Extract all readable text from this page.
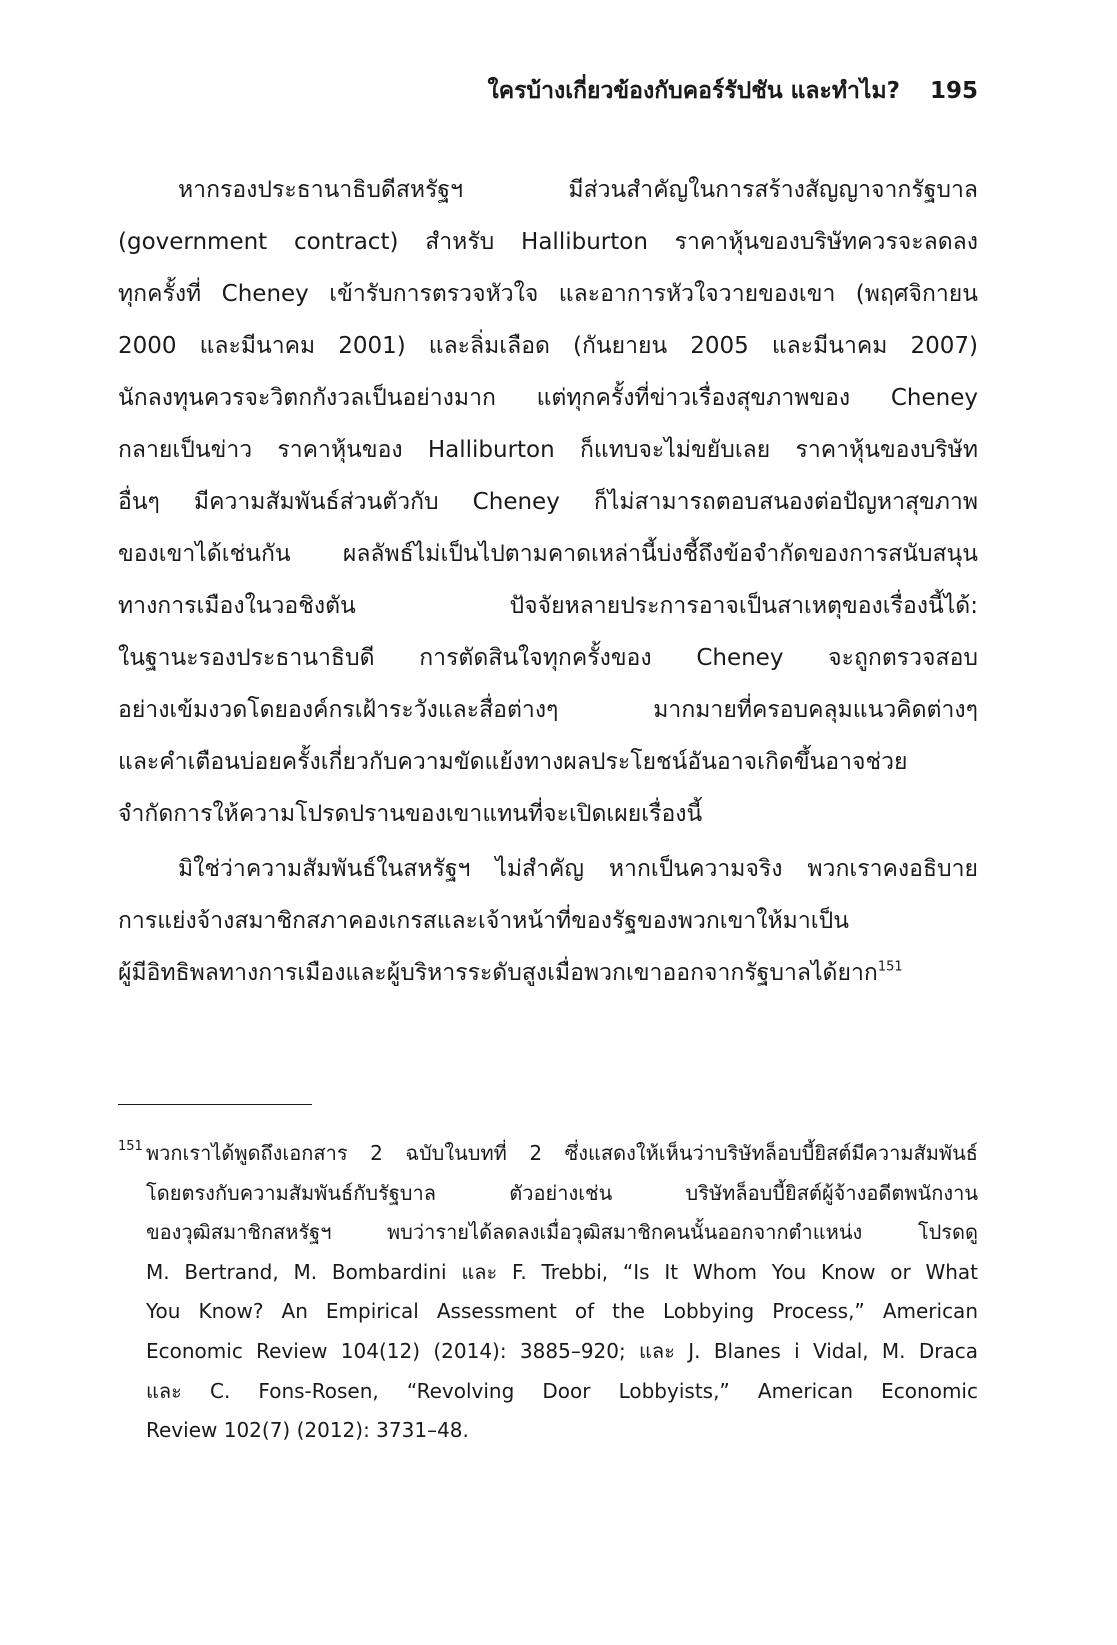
ใครบ้างเกี่ยวข้องกับคอร์รัปชัน และทำไม? 195
หากรองประธานาธิบดีสหรัฐฯ มีส่วนสำคัญในการสร้างสัญญาจากรัฐบาล
(government contract) สำหรับ Halliburton ราคาหุ้นของบริษัทควรจะลดลง
ทุกครั้งที่ Cheney เข้ารับการตรวจหัวใจ และอาการหัวใจวายของเขา (พฤศจิกายน
2000 และมีนาคม 2001) และลิ่มเลือด (กันยายน 2005 และมีนาคม 2007)
นักลงทุนควรจะวิตกกังวลเป็นอย่างมาก แต่ทุกครั้งที่ข่าวเรื่องสุขภาพของ Cheney
กลายเป็นข่าว ราคาหุ้นของ Halliburton ก็แทบจะไม่ขยับเลย ราคาหุ้นของบริษัท
อื่นๆ มีความสัมพันธ์ส่วนตัวกับ Cheney ก็ไม่สามารถตอบสนองต่อปัญหาสุขภาพ
ของเขาได้เช่นกัน ผลลัพธ์ไม่เป็นไปตามคาดเหล่านี้บ่งชี้ถึงข้อจำกัดของการสนับสนุน
ทางการเมืองในวอชิงตัน ปัจจัยหลายประการอาจเป็นสาเหตุของเรื่องนี้ได้:
ในฐานะรองประธานาธิบดี การตัดสินใจทุกครั้งของ Cheney จะถูกตรวจสอบ
อย่างเข้มงวดโดยองค์กรเฝ้าระวังและสื่อต่างๆ มากมายที่ครอบคลุมแนวคิดต่างๆ
และคำเตือนบ่อยครั้งเกี่ยวกับความขัดแย้งทางผลประโยชน์อันอาจเกิดขึ้นอาจช่วย
จำกัดการให้ความโปรดปรานของเขาแทนที่จะเปิดเผยเรื่องนี้
มิใช่ว่าความสัมพันธ์ในสหรัฐฯ ไม่สำคัญ หากเป็นความจริง พวกเราคงอธิบาย
การแย่งจ้างสมาชิกสภาคองเกรสและเจ้าหน้าที่ของรัฐของพวกเขาให้มาเป็น
ผู้มีอิทธิพลทางการเมืองและผู้บริหารระดับสูงเมื่อพวกเขาออกจากรัฐบาลได้ยาก$^{151}$
151 พวกเราได้พูดถึงเอกสาร 2 ฉบับในบทที่ 2 ซึ่งแสดงให้เห็นว่าบริษัทล็อบบี้ยิสต์มีความสัมพันธ์
โดยตรงกับความสัมพันธ์กับรัฐบาล ตัวอย่างเช่น บริษัทล็อบบี้ยิสต์ผู้จ้างอดีตพนักงาน
ของวุฒิสมาชิกสหรัฐฯ พบว่ารายได้ลดลงเมื่อวุฒิสมาชิกคนนั้นออกจากตำแหน่ง โปรดดู
M. Bertrand, M. Bombardini และ F. Trebbi, “Is It Whom You Know or What
You Know? An Empirical Assessment of the Lobbying Process,” American
Economic Review 104(12) (2014): 3885–920; และ J. Blanes i Vidal, M. Draca
และ C. Fons-Rosen, “Revolving Door Lobbyists,” American Economic
Review 102(7) (2012): 3731–48.
